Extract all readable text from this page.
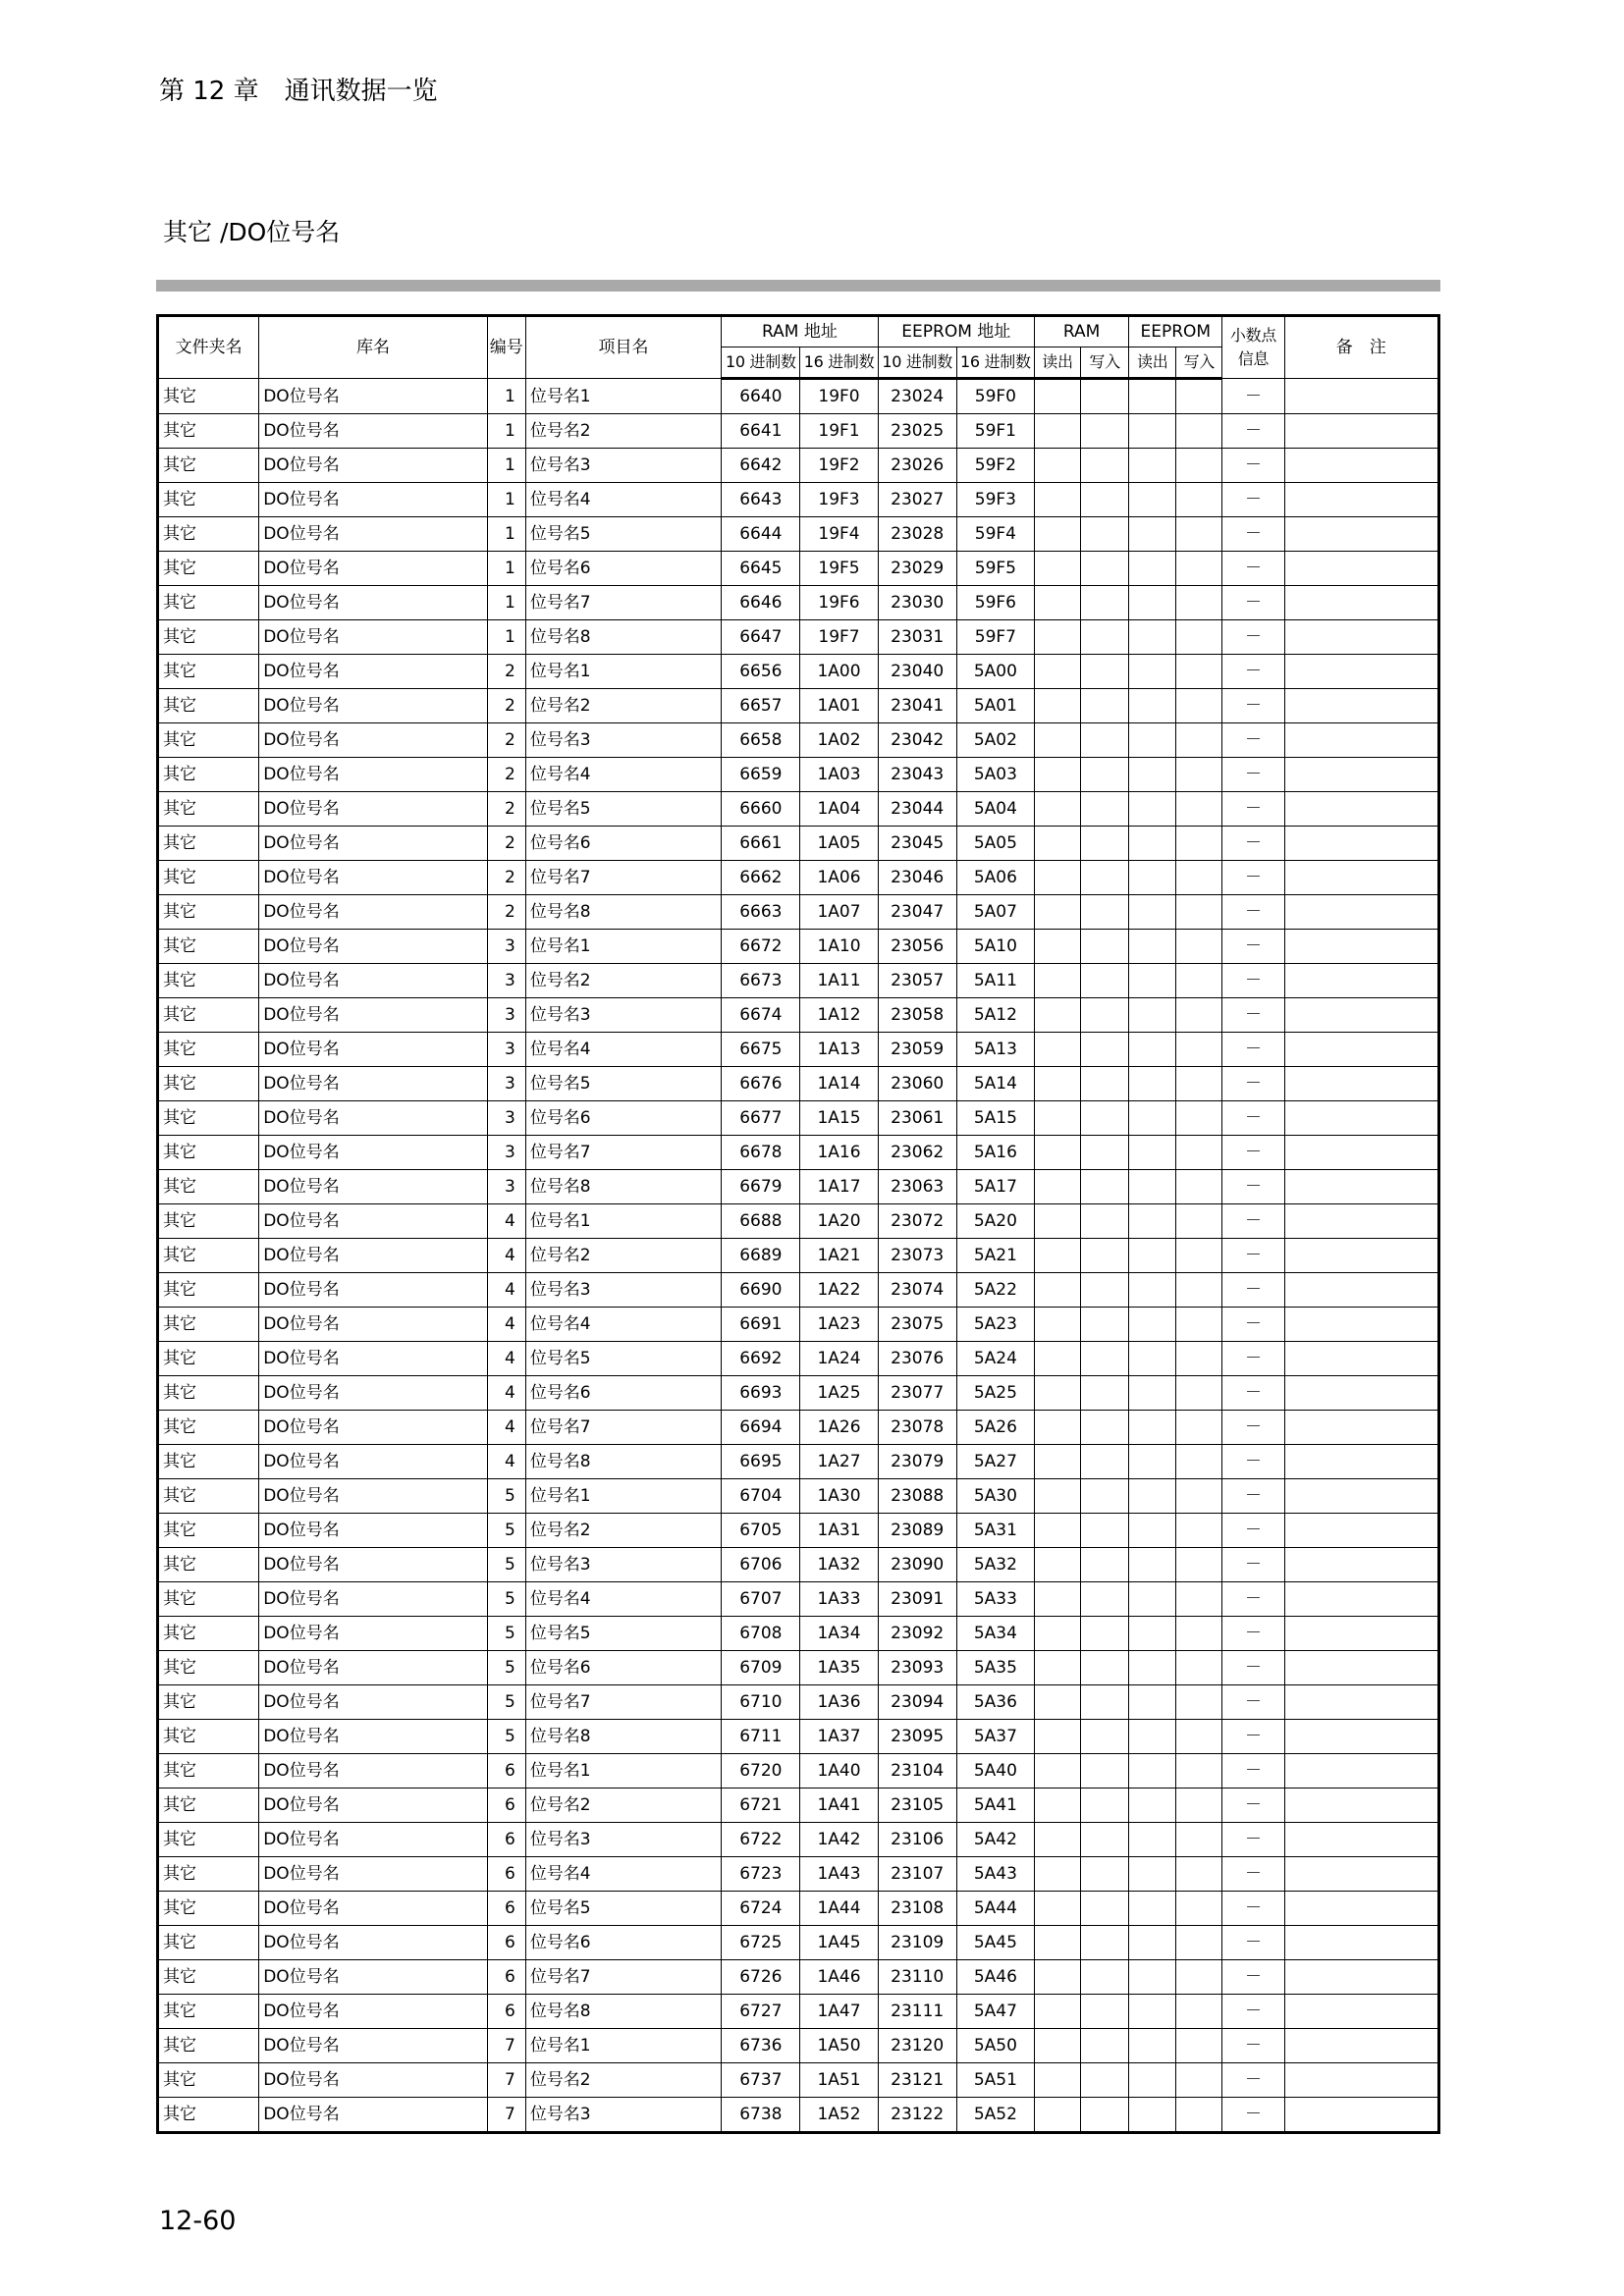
第 12 章　通讯数据一览
其它 /DO位号名
文件夹名	库名	编号	项目名	RAM 地址		EEPROM 地址		RAM		EEPROM		小数点信息	备　注
				10 进制数	16 进制数	10 进制数	16 进制数	读出	写入	读出	写入		
其它	DO位号名	1	位号名1	6640	19F0	23024	59F0					－	
其它	DO位号名	1	位号名2	6641	19F1	23025	59F1					－	
其它	DO位号名	1	位号名3	6642	19F2	23026	59F2					－	
其它	DO位号名	1	位号名4	6643	19F3	23027	59F3					－	
其它	DO位号名	1	位号名5	6644	19F4	23028	59F4					－	
其它	DO位号名	1	位号名6	6645	19F5	23029	59F5					－	
其它	DO位号名	1	位号名7	6646	19F6	23030	59F6					－	
其它	DO位号名	1	位号名8	6647	19F7	23031	59F7					－	
其它	DO位号名	2	位号名1	6656	1A00	23040	5A00					－	
其它	DO位号名	2	位号名2	6657	1A01	23041	5A01					－	
其它	DO位号名	2	位号名3	6658	1A02	23042	5A02					－	
其它	DO位号名	2	位号名4	6659	1A03	23043	5A03					－	
其它	DO位号名	2	位号名5	6660	1A04	23044	5A04					－	
其它	DO位号名	2	位号名6	6661	1A05	23045	5A05					－	
其它	DO位号名	2	位号名7	6662	1A06	23046	5A06					－	
其它	DO位号名	2	位号名8	6663	1A07	23047	5A07					－	
其它	DO位号名	3	位号名1	6672	1A10	23056	5A10					－	
其它	DO位号名	3	位号名2	6673	1A11	23057	5A11					－	
其它	DO位号名	3	位号名3	6674	1A12	23058	5A12					－	
其它	DO位号名	3	位号名4	6675	1A13	23059	5A13					－	
其它	DO位号名	3	位号名5	6676	1A14	23060	5A14					－	
其它	DO位号名	3	位号名6	6677	1A15	23061	5A15					－	
其它	DO位号名	3	位号名7	6678	1A16	23062	5A16					－	
其它	DO位号名	3	位号名8	6679	1A17	23063	5A17					－	
其它	DO位号名	4	位号名1	6688	1A20	23072	5A20					－	
其它	DO位号名	4	位号名2	6689	1A21	23073	5A21					－	
其它	DO位号名	4	位号名3	6690	1A22	23074	5A22					－	
其它	DO位号名	4	位号名4	6691	1A23	23075	5A23					－	
其它	DO位号名	4	位号名5	6692	1A24	23076	5A24					－	
其它	DO位号名	4	位号名6	6693	1A25	23077	5A25					－	
其它	DO位号名	4	位号名7	6694	1A26	23078	5A26					－	
其它	DO位号名	4	位号名8	6695	1A27	23079	5A27					－	
其它	DO位号名	5	位号名1	6704	1A30	23088	5A30					－	
其它	DO位号名	5	位号名2	6705	1A31	23089	5A31					－	
其它	DO位号名	5	位号名3	6706	1A32	23090	5A32					－	
其它	DO位号名	5	位号名4	6707	1A33	23091	5A33					－	
其它	DO位号名	5	位号名5	6708	1A34	23092	5A34					－	
其它	DO位号名	5	位号名6	6709	1A35	23093	5A35					－	
其它	DO位号名	5	位号名7	6710	1A36	23094	5A36					－	
其它	DO位号名	5	位号名8	6711	1A37	23095	5A37					－	
其它	DO位号名	6	位号名1	6720	1A40	23104	5A40					－	
其它	DO位号名	6	位号名2	6721	1A41	23105	5A41					－	
其它	DO位号名	6	位号名3	6722	1A42	23106	5A42					－	
其它	DO位号名	6	位号名4	6723	1A43	23107	5A43					－	
其它	DO位号名	6	位号名5	6724	1A44	23108	5A44					－	
其它	DO位号名	6	位号名6	6725	1A45	23109	5A45					－	
其它	DO位号名	6	位号名7	6726	1A46	23110	5A46					－	
其它	DO位号名	6	位号名8	6727	1A47	23111	5A47					－	
其它	DO位号名	7	位号名1	6736	1A50	23120	5A50					－	
其它	DO位号名	7	位号名2	6737	1A51	23121	5A51					－	
其它	DO位号名	7	位号名3	6738	1A52	23122	5A52					－	
12-60
